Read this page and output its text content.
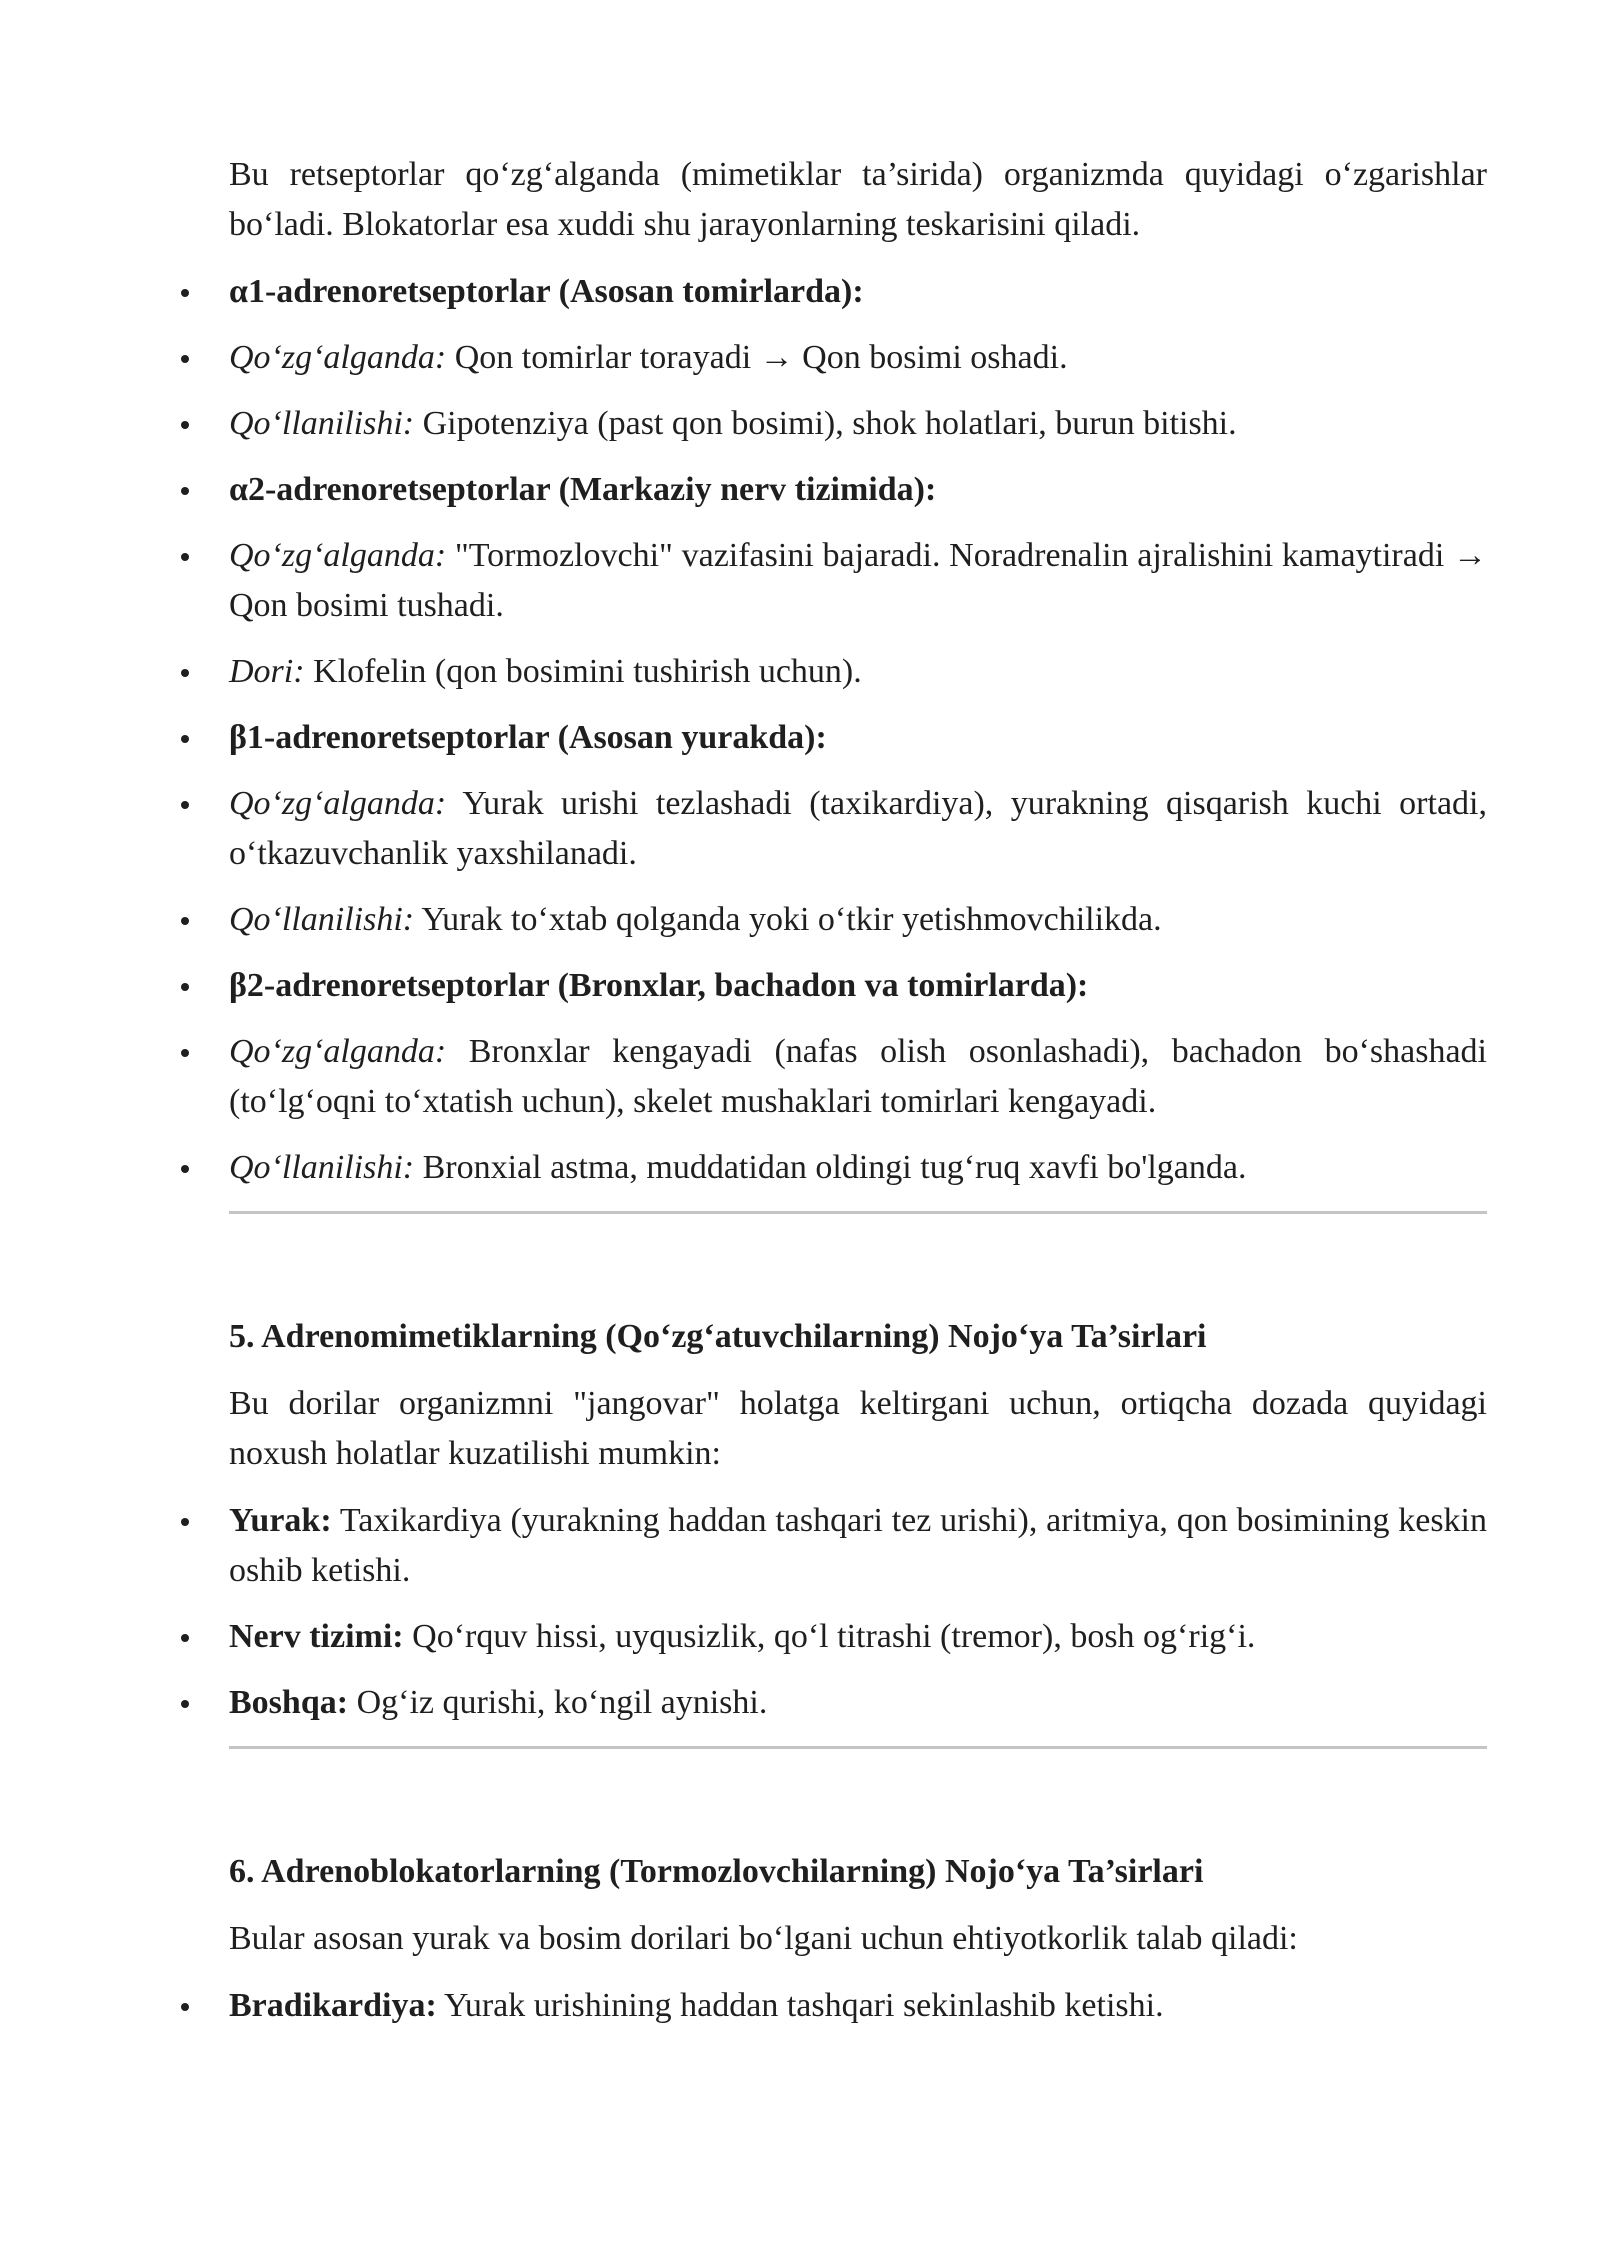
Bu retseptorlar qo‘zg‘alganda (mimetiklar ta’sirida) organizmda quyidagi o‘zgarishlar bo‘ladi. Blokatorlar esa xuddi shu jarayonlarning teskarisini qiladi.

α1-adrenoretseptorlar (Asosan tomirlarda):
Qo‘zg‘alganda: Qon tomirlar torayadi → Qon bosimi oshadi.
Qo‘llanilishi: Gipotenziya (past qon bosimi), shok holatlari, burun bitishi.
α2-adrenoretseptorlar (Markaziy nerv tizimida):
Qo‘zg‘alganda: "Tormozlovchi" vazifasini bajaradi. Noradrenalin ajralishini kamaytiradi → Qon bosimi tushadi.
Dori: Klofelin (qon bosimini tushirish uchun).
β1-adrenoretseptorlar (Asosan yurakda):
Qo‘zg‘alganda: Yurak urishi tezlashadi (taxikardiya), yurakning qisqarish kuchi ortadi, o‘tkazuvchanlik yaxshilanadi.
Qo‘llanilishi: Yurak to‘xtab qolganda yoki o‘tkir yetishmovchilikda.
β2-adrenoretseptorlar (Bronxlar, bachadon va tomirlarda):
Qo‘zg‘alganda: Bronxlar kengayadi (nafas olish osonlashadi), bachadon bo‘shashadi (to‘lg‘oqni to‘xtatish uchun), skelet mushaklari tomirlari kengayadi.
Qo‘llanilishi: Bronxial astma, muddatidan oldingi tug‘ruq xavfi bo'lganda.

5. Adrenomimetiklarning (Qo‘zg‘atuvchilarning) Nojo‘ya Ta’sirlari

Bu dorilar organizmni "jangovar" holatga keltirgani uchun, ortiqcha dozada quyidagi noxush holatlar kuzatilishi mumkin:

Yurak: Taxikardiya (yurakning haddan tashqari tez urishi), aritmiya, qon bosimining keskin oshib ketishi.
Nerv tizimi: Qo‘rquv hissi, uyqusizlik, qo‘l titrashi (tremor), bosh og‘rig‘i.
Boshqa: Og‘iz qurishi, ko‘ngil aynishi.

6. Adrenoblokatorlarning (Tormozlovchilarning) Nojo‘ya Ta’sirlari

Bular asosan yurak va bosim dorilari bo‘lgani uchun ehtiyotkorlik talab qiladi:

Bradikardiya: Yurak urishining haddan tashqari sekinlashib ketishi.
